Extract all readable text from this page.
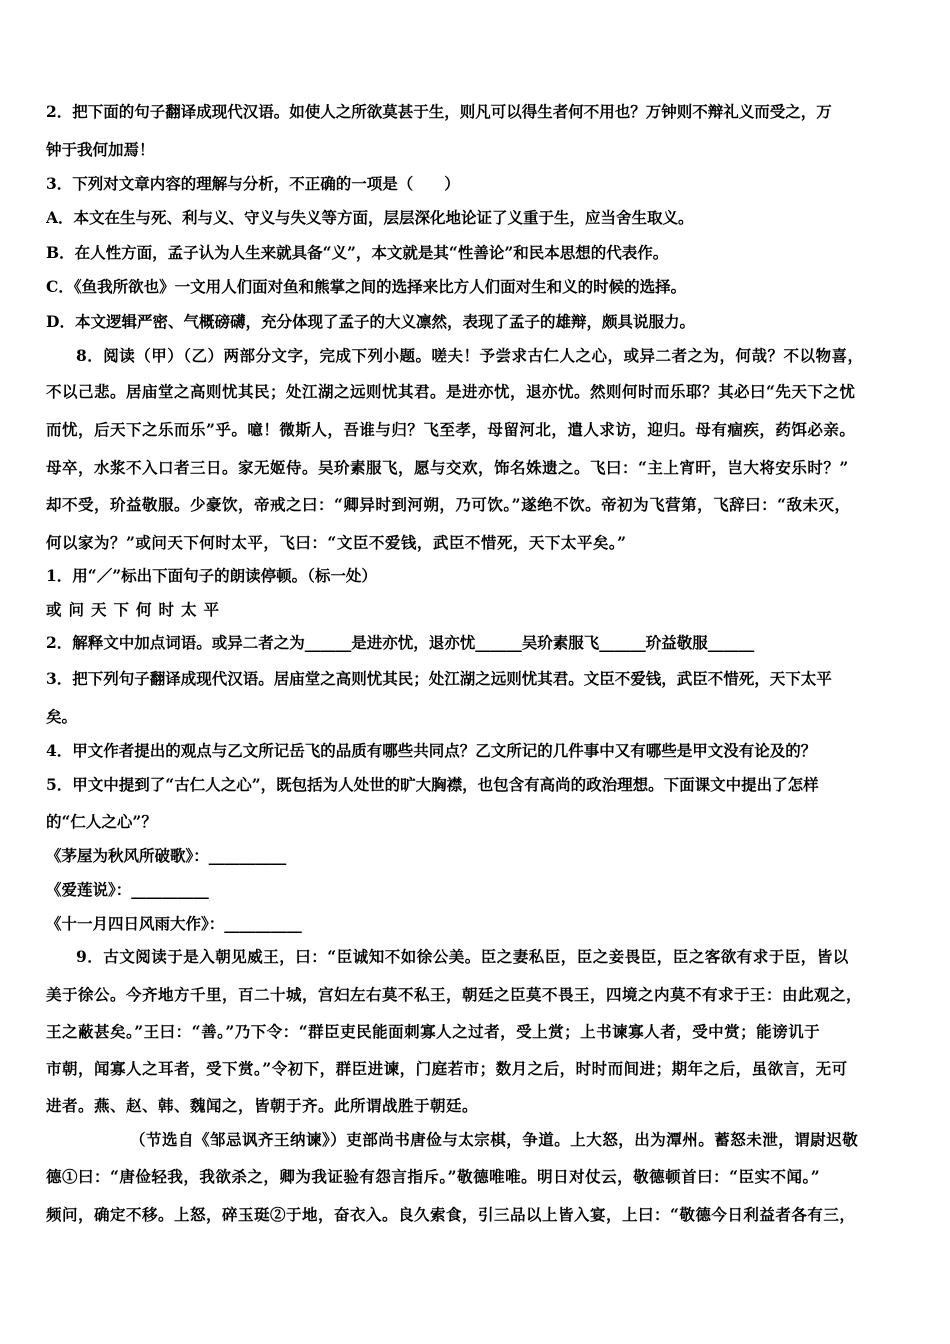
2．把下面的句子翻译成现代汉语。如使人之所欲莫甚于生，则凡可以得生者何不用也？万钟则不辩礼义而受之，万
钟于我何加焉！
3．下列对文章内容的理解与分析，不正确的一项是（　　）
A．本文在生与死、利与义、守义与失义等方面，层层深化地论证了义重于生，应当舍生取义。
B．在人性方面，孟子认为人生来就具备“义”，本文就是其“性善论”和民本思想的代表作。
C．《鱼我所欲也》一文用人们面对鱼和熊掌之间的选择来比方人们面对生和义的时候的选择。
D．本文逻辑严密、气概磅礴，充分体现了孟子的大义凛然，表现了孟子的雄辩，颇具说服力。
8．阅读（甲）（乙）两部分文字，完成下列小题。嗟夫！予尝求古仁人之心，或异二者之为，何哉？不以物喜，
不以己悲。居庙堂之高则忧其民；处江湖之远则忧其君。是进亦忧，退亦忧。然则何时而乐耶？其必曰“先天下之忧
而忧，后天下之乐而乐”乎。噫！微斯人，吾谁与归？飞至孝，母留河北，遣人求访，迎归。母有痼疾，药饵必亲。
母卒，水浆不入口者三日。家无姬侍。吴玠素服飞，愿与交欢，饰名姝遗之。飞曰：“主上宵旰，岂大将安乐时？”
却不受，玠益敬服。少豪饮，帝戒之曰：“卿异时到河朔，乃可饮。”遂绝不饮。帝初为飞营第，飞辞曰：“敌未灭，
何以家为？”或问天下何时太平，飞曰：“文臣不爱钱，武臣不惜死，天下太平矣。”
1．用“／”标出下面句子的朗读停顿。（标一处）
或问天下何时太平
2．解释文中加点词语。或异二者之为______是进亦忧，退亦忧______吴玠素服飞______玠益敬服______
3．把下列句子翻译成现代汉语。居庙堂之高则忧其民；处江湖之远则忧其君。文臣不爱钱，武臣不惜死，天下太平
矣。
4．甲文作者提出的观点与乙文所记岳飞的品质有哪些共同点？乙文所记的几件事中又有哪些是甲文没有论及的？
5．甲文中提到了“古仁人之心”，既包括为人处世的旷大胸襟，也包含有高尚的政治理想。下面课文中提出了怎样
的“仁人之心”？
《茅屋为秋风所破歌》：__________
《爱莲说》：__________
《十一月四日风雨大作》：__________
9．古文阅读于是入朝见威王，曰：“臣诚知不如徐公美。臣之妻私臣，臣之妾畏臣，臣之客欲有求于臣，皆以
美于徐公。今齐地方千里，百二十城，宫妇左右莫不私王，朝廷之臣莫不畏王，四境之内莫不有求于王：由此观之，
王之蔽甚矣。”王曰：“善。”乃下令：“群臣吏民能面刺寡人之过者，受上赏；上书谏寡人者，受中赏；能谤讥于
市朝，闻寡人之耳者，受下赏。”令初下，群臣进谏，门庭若市；数月之后，时时而间进；期年之后，虽欲言，无可
进者。燕、赵、韩、魏闻之，皆朝于齐。此所谓战胜于朝廷。
（节选自《邹忌讽齐王纳谏》）吏部尚书唐俭与太宗棋，争道。上大怒，出为潭州。蓄怒未泄，谓尉迟敬
德①曰：“唐俭轻我，我欲杀之，卿为我证验有怨言指斥。”敬德唯唯。明日对仗云，敬德顿首曰：“臣实不闻。”
频问，确定不移。上怒，碎玉珽②于地，奋衣入。良久索食，引三品以上皆入宴，上曰：“敬德今日利益者各有三，
